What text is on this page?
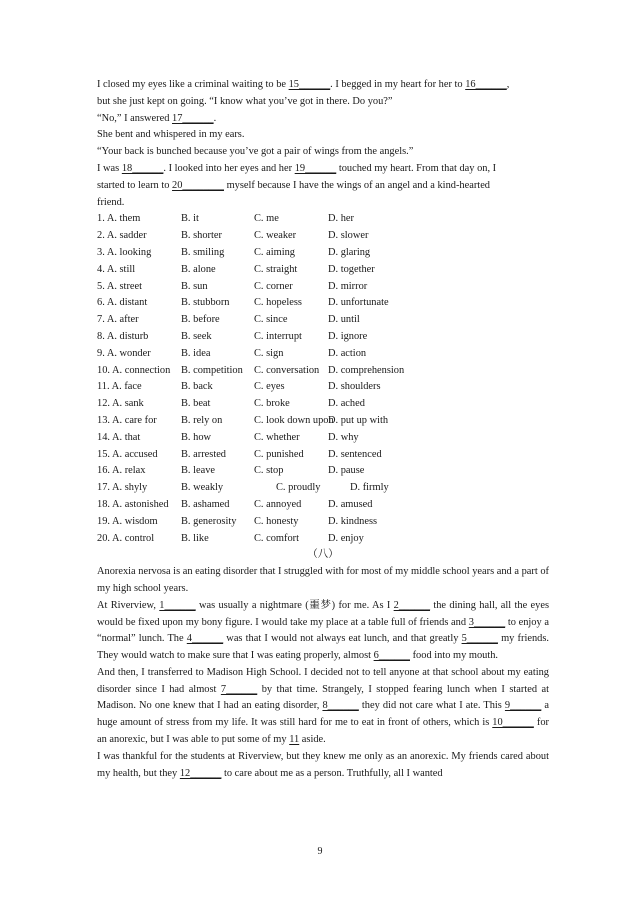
I closed my eyes like a criminal waiting to be 15______. I begged in my heart for her to 16______,
but she just kept on going. “I know what you’ve got in there. Do you?”
“No,” I answered 17______.
She bent and whispered in my ears.
“Your back is bunched because you’ve got a pair of wings from the angels.”
I was 18______. I looked into her eyes and her 19______ touched my heart. From that day on, I
started to learn to 20________ myself because I have the wings of an angel and a kind-hearted
friend.
1. A. them	B. it	C. me	D. her
2. A. sadder	B. shorter	C. weaker	D. slower
3. A. looking	B. smiling	C. aiming	D. glaring
4. A. still	B. alone	C. straight	D. together
5. A. street	B. sun	C. corner	D. mirror
6. A. distant	B. stubborn C. hopeless	D. unfortunate
7. A. after	B. before	C. since	D. until
8. A. disturb	B. seek	C. interrupt	D. ignore
9. A. wonder	B. idea	C. sign	D. action
10. A. connection B. competition C. conversation D. comprehension
11. A. face	B. back	C. eyes	D. shoulders
12. A. sank	B. beat	C. broke	D. ached
13. A. care for B. rely on	C. look down upon
D. put up with
14. A. that	B. how	C. whether	D. why
15. A. accused B. arrested	C. punished D. sentenced
16. A. relax	B. leave	C. stop	D. pause
17. A. shyly	B. weakly	C. proudly	D. firmly
18. A. astonished B. ashamed C. annoyed	D. amused
19. A. wisdom B. generosity C. honesty	D. kindness
20. A. control	B. like	C. comfort	D. enjoy
（八）
Anorexia nervosa is an eating disorder that I struggled with for most of my middle school years and a part of my high school years.
At Riverview, 1______ was usually a nightmare (噩梦) for me. As I 2______ the dining hall, all the eyes would be fixed upon my bony figure. I would take my place at a table full of friends and 3______ to enjoy a “normal” lunch. The 4______ was that I would not always eat lunch, and that greatly 5______ my friends. They would watch to make sure that I was eating properly, almost 6______ food into my mouth.
And then, I transferred to Madison High School. I decided not to tell anyone at that school about my eating disorder since I had almost 7______ by that time. Strangely, I stopped fearing lunch when I started at Madison. No one knew that I had an eating disorder, 8______ they did not care what I ate. This 9______ a huge amount of stress from my life. It was still hard for me to eat in front of others, which is 10______ for an anorexic, but I was able to put some of my 11 aside.
I was thankful for the students at Riverview, but they knew me only as an anorexic. My friends cared about my health, but they 12______ to care about me as a person. Truthfully, all I wanted
9
